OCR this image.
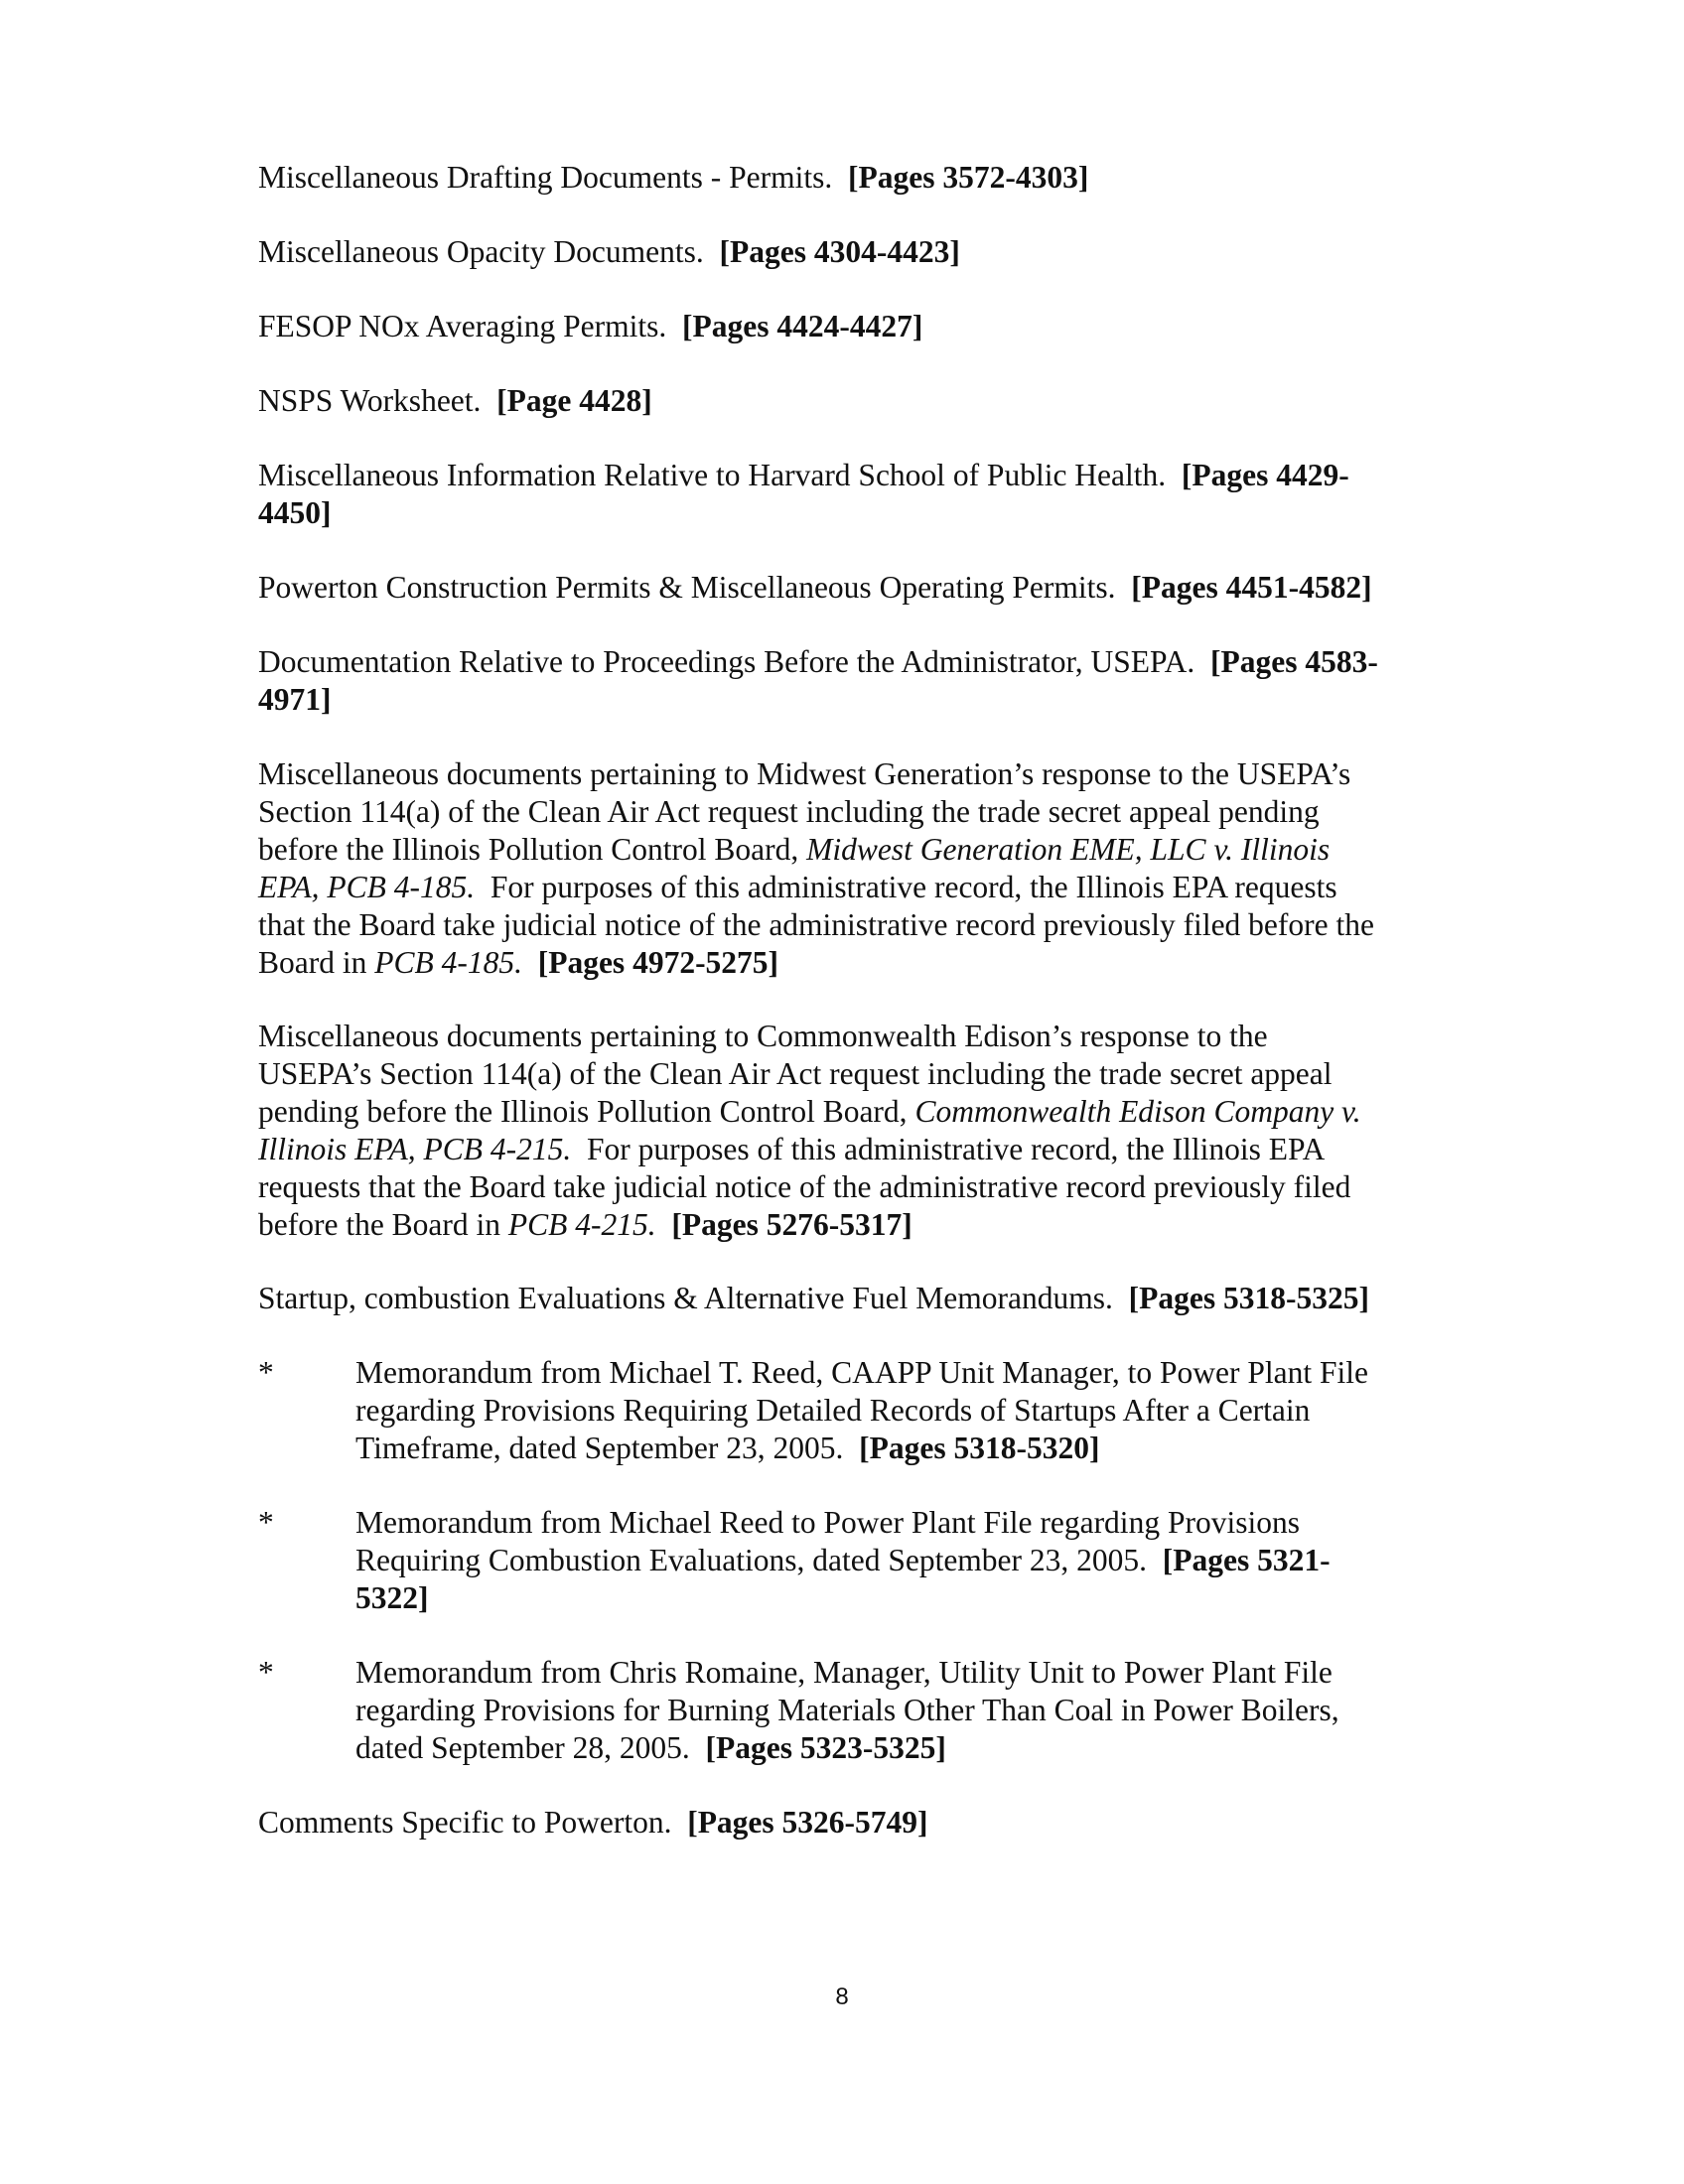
Miscellaneous Drafting Documents - Permits. [Pages 3572-4303]

Miscellaneous Opacity Documents. [Pages 4304-4423]

FESOP NOx Averaging Permits. [Pages 4424-4427]

NSPS Worksheet. [Page 4428]

Miscellaneous Information Relative to Harvard School of Public Health. [Pages 4429-
4450]

Powerton Construction Permits & Miscellaneous Operating Permits. [Pages 4451-4582]

Documentation Relative to Proceedings Before the Administrator, USEPA. [Pages 4583-
4971]
Miscellaneous documents pertaining to Midwest Generation’s response to the USEPA’s
Section 114(a) of the Clean Air Act request including the trade secret appeal pending
before the Illinois Pollution Control Board, Midwest Generation EME, LLC v. Illinois
EPA, PCB 4-185. For purposes of this administrative record, the Illinois EPA requests
that the Board take judicial notice of the administrative record previously filed before the
Board in PCB 4-185. [Pages 4972-5275]
Miscellaneous documents pertaining to Commonwealth Edison’s response to the
USEPA’s Section 114(a) of the Clean Air Act request including the trade secret appeal
pending before the Illinois Pollution Control Board, Commonwealth Edison Company v.
Illinois EPA, PCB 4-215. For purposes of this administrative record, the Illinois EPA
requests that the Board take judicial notice of the administrative record previously filed
before the Board in PCB 4-215. [Pages 5276-5317]

Startup, combustion Evaluations & Alternative Fuel Memorandums. [Pages 5318-5325]

*	Memorandum from Michael T. Reed, CAAPP Unit Manager, to Power Plant File
regarding Provisions Requiring Detailed Records of Startups After a Certain
Timeframe, dated September 23, 2005. [Pages 5318-5320]
*	Memorandum from Michael Reed to Power Plant File regarding Provisions
Requiring Combustion Evaluations, dated September 23, 2005. [Pages 5321-
5322]
*	Memorandum from Chris Romaine, Manager, Utility Unit to Power Plant File
regarding Provisions for Burning Materials Other Than Coal in Power Boilers,
dated September 28, 2005. [Pages 5323-5325]

Comments Specific to Powerton. [Pages 5326-5749]

8
